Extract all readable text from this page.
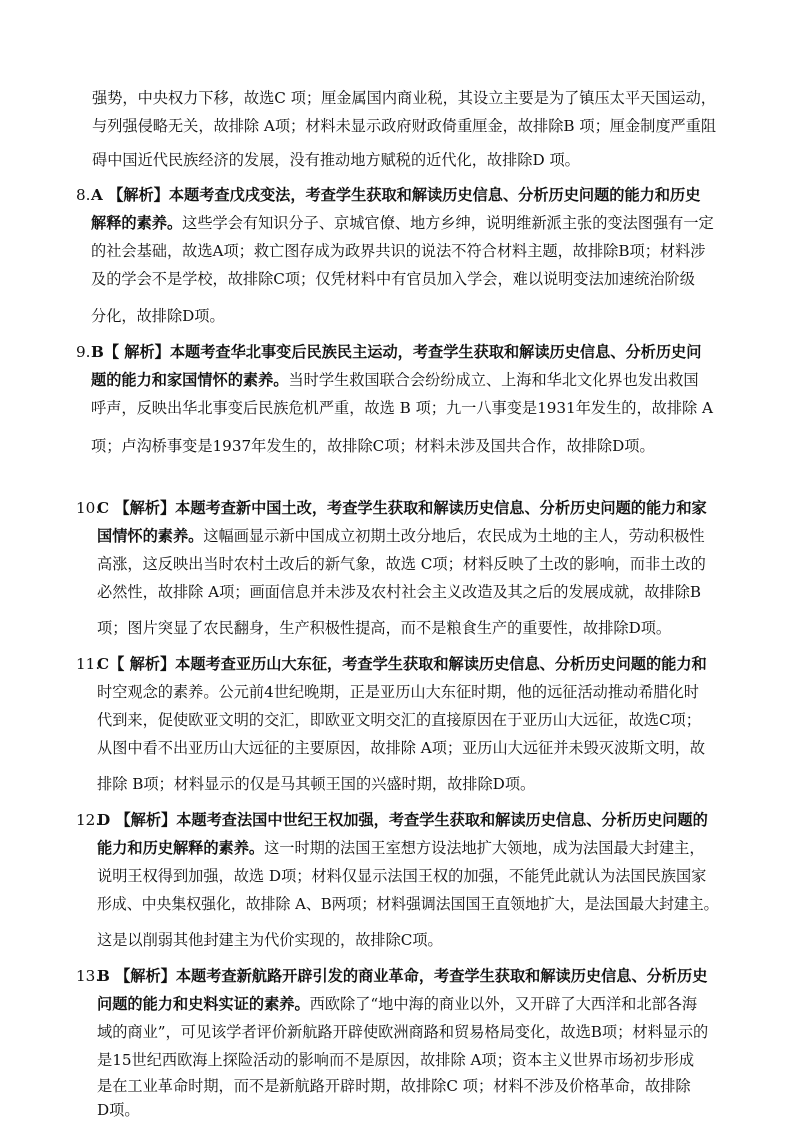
强势，中央权力下移，故选C 项；厘金属国内商业税，其设立主要是为了镇压太平天国运动，
与列强侵略无关，故排除 A项；材料未显示政府财政倚重厘金，故排除B 项；厘金制度严重阻
碍中国近代民族经济的发展，没有推动地方赋税的近代化，故排除D 项。
8. A 【解析】本题考查戊戌变法，考查学生获取和解读历史信息、分析历史问题的能力和历史
解释的素养。这些学会有知识分子、京城官僚、地方乡绅，说明维新派主张的变法图强有一定
的社会基础，故选A项；救亡图存成为政界共识的说法不符合材料主题，故排除B项；材料涉
及的学会不是学校，故排除C项；仅凭材料中有官员加入学会，难以说明变法加速统治阶级
分化，故排除D项。
9. B【 解析】本题考查华北事变后民族民主运动，考查学生获取和解读历史信息、分析历史问
题的能力和家国情怀的素养。当时学生救国联合会纷纷成立、上海和华北文化界也发出救国
呼声，反映出华北事变后民族危机严重，故选 B 项；九一八事变是1931年发生的，故排除 A
项；卢沟桥事变是1937年发生的，故排除C项；材料未涉及国共合作，故排除D项。
10.
C 【解析】本题考查新中国土改，考查学生获取和解读历史信息、分析历史问题的能力和家
国情怀的素养。这幅画显示新中国成立初期土改分地后，农民成为土地的主人，劳动积极性
高涨，这反映出当时农村土改后的新气象，故选 C项；材料反映了土改的影响，而非土改的
必然性，故排除 A项；画面信息并未涉及农村社会主义改造及其之后的发展成就，故排除B
项；图片突显了农民翻身，生产积极性提高，而不是粮食生产的重要性，故排除D项。
11.
C【 解析】本题考查亚历山大东征，考查学生获取和解读历史信息、分析历史问题的能力和
时空观念的素养。公元前4世纪晚期，正是亚历山大东征时期，他的远征活动推动希腊化时
代到来，促使欧亚文明的交汇，即欧亚文明交汇的直接原因在于亚历山大远征，故选C项；
从图中看不出亚历山大远征的主要原因，故排除 A项；亚历山大远征并未毁灭波斯文明，故
排除 B项；材料显示的仅是马其顿王国的兴盛时期，故排除D项。
12.
D 【解析】本题考查法国中世纪王权加强，考查学生获取和解读历史信息、分析历史问题的
能力和历史解释的素养。这一时期的法国王室想方设法地扩大领地，成为法国最大封建主，
说明王权得到加强，故选 D项；材料仅显示法国王权的加强，不能凭此就认为法国民族国家
形成、中央集权强化，故排除 A、B两项；材料强调法国国王直领地扩大，是法国最大封建主。
这是以削弱其他封建主为代价实现的，故排除C项。
13.
B 【解析】本题考查新航路开辟引发的商业革命，考查学生获取和解读历史信息、分析历史
问题的能力和史料实证的素养。西欧除了“地中海的商业以外，又开辟了大西洋和北部各海
域的商业”，可见该学者评价新航路开辟使欧洲商路和贸易格局变化，故选B项；材料显示的
是15世纪西欧海上探险活动的影响而不是原因，故排除 A项；资本主义世界市场初步形成
是在工业革命时期，而不是新航路开辟时期，故排除C 项；材料不涉及价格革命，故排除
D项。
